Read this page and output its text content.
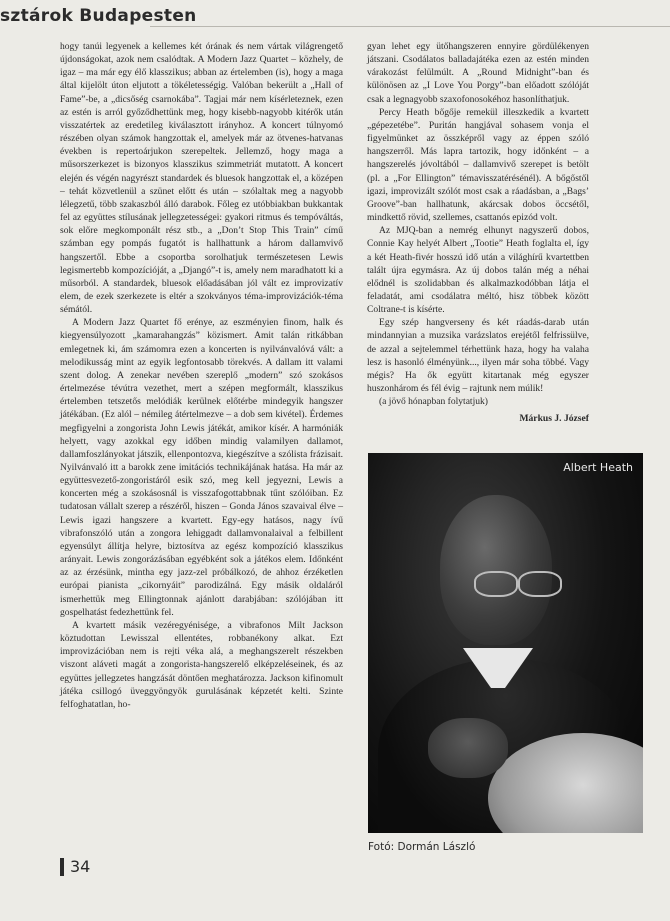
sztárok Budapesten

hogy tanúi legyenek a kellemes két órának és nem vártak világrengető újdonságokat, azok nem csalódtak. A Modern Jazz Quartet – közhely, de igaz – ma már egy élő klasszikus; abban az értelemben (is), hogy a maga által kijelölt úton eljutott a tökéletességig. Valóban bekerült a „Hall of Fame”-be, a „dicsőség csarnokába”. Tagjai már nem kísérleteznek, ezen az estén is arról győződhettünk meg, hogy kisebb-nagyobb kitérők után visszatértek az eredetileg kiválasztott irányhoz. A koncert túlnyomó részében olyan számok hangzottak el, amelyek már az ötvenes-hatvanas években is repertoárjukon szerepeltek. Jellemző, hogy maga a műsorszerkezet is bizonyos klasszikus szimmetriát mutatott. A koncert elején és végén nagyrészt standardek és bluesok hangzottak el, a középen – tehát közvetlenül a szünet előtt és után – szólaltak meg a nagyobb lélegzetű, több szakaszból álló darabok. Főleg ez utóbbiakban bukkantak fel az együttes stílusának jellegzetességei: gyakori ritmus és tempóváltás, sok előre megkomponált rész stb., a „Don’t Stop This Train” című számban egy pompás fugatót is hallhattunk a három dallamvivő hangszertől. Ebbe a csoportba sorolhatjuk természetesen Lewis legismertebb kompozícióját, a „Djangó”-t is, amely nem maradhatott ki a műsorból. A standardek, bluesok előadásában jól vált ez improvizatív elem, de ezek szerkezete is eltér a szokványos téma-improvizációk-téma sémától.

A Modern Jazz Quartet fő erénye, az eszményien finom, halk és kiegyensúlyozott „kamarahangzás” közismert. Amit talán ritkábban emlegetnek ki, ám számomra ezen a koncerten is nyilvánvalóvá vált: a melodikusság mint az egyik legfontosabb törekvés. A dallam itt valami szent dolog. A zenekar nevében szereplő „modern” szó szokásos értelmezése tévútra vezethet, mert a szépen megformált, klasszikus értelemben tetszetős melódiák kerülnek előtérbe mindegyik hangszer játékában. (Ez alól – némileg átértelmezve – a dob sem kivétel). Érdemes megfigyelni a zongorista John Lewis játékát, amikor kísér. A harmóniák helyett, vagy azokkal egy időben mindig valamilyen dallamot, dallamfoszlányokat játszik, ellenpontozva, kiegészítve a szólista frázisait. Nyilvánvaló itt a barokk zene imitációs technikájának hatása. Ha már az együttesvezető-zongoristáról esik szó, meg kell jegyezni, Lewis a koncerten még a szokásosnál is visszafogottabbnak tűnt szólóiban. Ez tudatosan vállalt szerep a részéről, hiszen – Gonda János szavaival élve – Lewis igazi hangszere a kvartett. Egy-egy hatásos, nagy ívű vibrafonszóló után a zongora lehiggadt dallamvonalaival a felbillent egyensúlyt állítja helyre, biztosítva az egész kompozíció klasszikus arányait. Lewis zongorázásában egyébként sok a játékos elem. Időnként az az érzésünk, mintha egy jazz-zel próbálkozó, de ahhoz érzéketlen európai pianista „cikornyáit” parodizálná. Egy másik oldaláról ismerhettük meg Ellingtonnak ajánlott darabjában: szólójában itt gospelhatást fedezhettünk fel.

A kvartett másik vezéregyénisége, a vibrafonos Milt Jackson köztudottan Lewisszal ellentétes, robbanékony alkat. Ezt improvizációban nem is rejti véka alá, a meghangszerelt részekben viszont aláveti magát a zongorista-hangszerelő elképzeléseinek, és az együttes jellegzetes hangzását döntően meghatározza. Jackson kifinomult játéka csillogó üveggyöngyök gurulásának képzetét kelti. Szinte felfoghatatlan, ho-

gyan lehet egy ütőhangszeren ennyire gördülékenyen játszani. Csodálatos balladajátéka ezen az estén minden várakozást felülmúlt. A „Round Midnight”-ban és különösen az „I Love You Porgy”-ban előadott szólóját csak a legnagyobb szaxofonosokéhoz hasonlíthatjuk.

Percy Heath bőgője remekül illeszkedik a kvartett „gépezetébe”. Puritán hangjával sohasem vonja el figyelmünket az összképről vagy az éppen szóló hangszerről. Más lapra tartozik, hogy időnként – a hangszerelés jóvoltából – dallamvivő szerepet is betölt (pl. a „For Ellington” témavisszatérésénél). A bőgőstől igazi, improvizált szólót most csak a ráadásban, a „Bags’ Groove”-ban hallhatunk, akárcsak dobos öccsétől, mindkettő rövid, szellemes, csattanós epizód volt.

Az MJQ-ban a nemrég elhunyt nagyszerű dobos, Connie Kay helyét Albert „Tootie” Heath foglalta el, így a két Heath-fivér hosszú idő után a világhírű kvartettben talált újra egymásra. Az új dobos talán még a néhai elődnél is szolidabban és alkalmazkodóbban látja el feladatát, ami csodálatra méltó, hisz többek között Coltrane-t is kísérte.

Egy szép hangverseny és két ráadás-darab után mindannyian a muzsika varázslatos erejétől felfrissülve, de azzal a sejtelemmel térhettünk haza, hogy ha valaha lesz is hasonló élményünk..., ilyen már soha többé. Vagy mégis? Ha ők együtt kitartanak még egyszer huszonhárom és fél évig – rajtunk nem múlik!

(a jövő hónapban folytatjuk)

Márkus J. József
Albert Heath
Fotó: Dormán László
34
